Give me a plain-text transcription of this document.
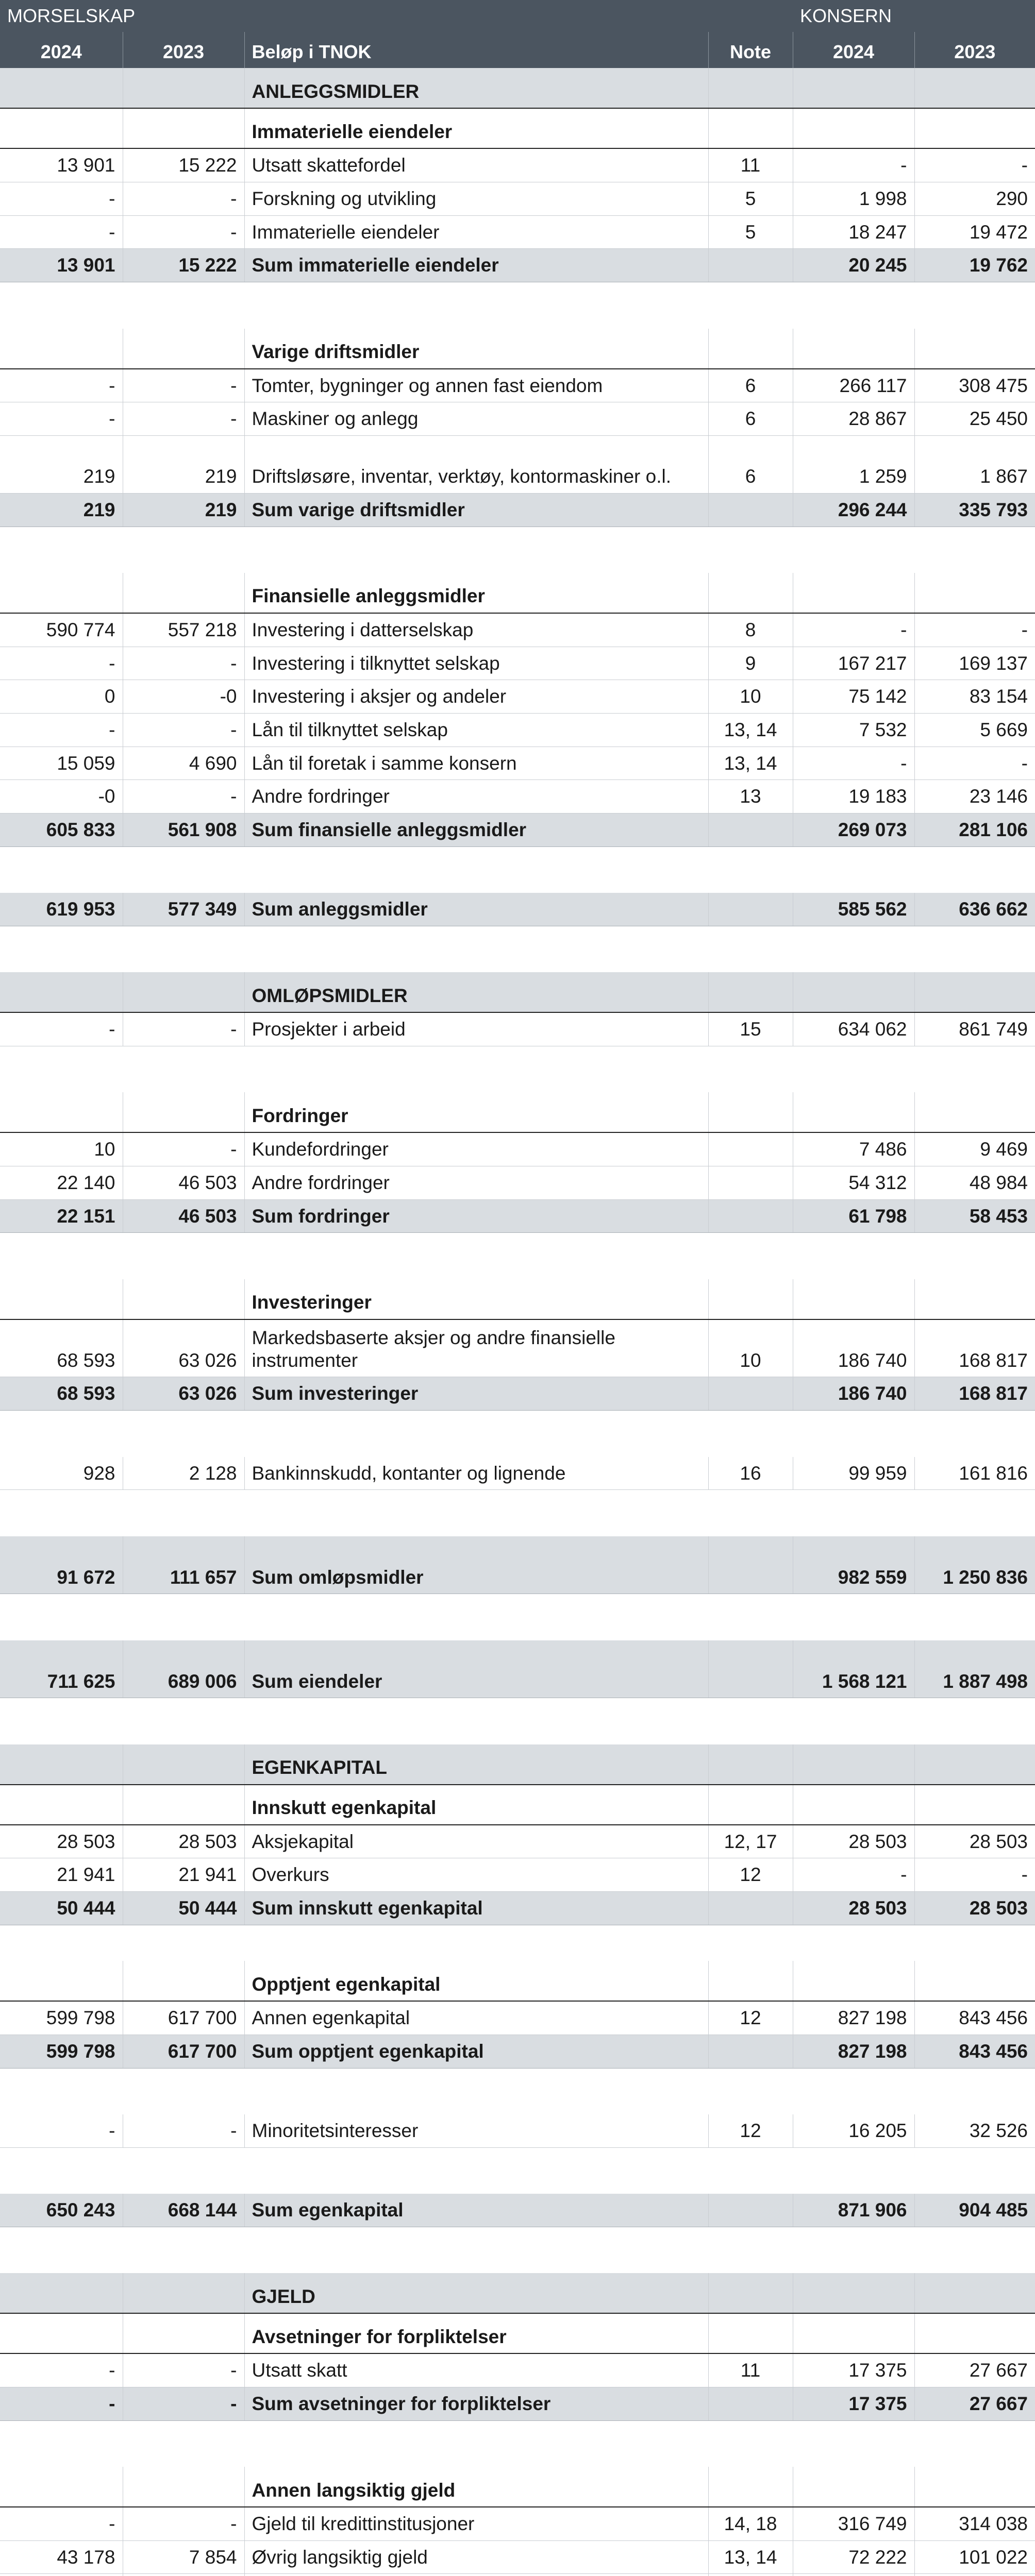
MORSELSKAP				KONSERN	
2024	2023	Beløp i TNOK	Note	2024	2023
		ANLEGGSMIDLER			
		Immaterielle eiendeler			
13 901	15 222	Utsatt skattefordel	11	-	-
-	-	Forskning og utvikling	5	1 998	290
-	-	Immaterielle eiendeler	5	18 247	19 472
13 901	15 222	Sum immaterielle eiendeler		20 245	19 762

		Varige driftsmidler			
-	-	Tomter, bygninger og annen fast eiendom	6	266 117	308 475
-	-	Maskiner og anlegg	6	28 867	25 450
219	219	Driftsløsøre, inventar, verktøy, kontormaskiner o.l.	6	1 259	1 867
219	219	Sum varige driftsmidler		296 244	335 793

		Finansielle anleggsmidler			
590 774	557 218	Investering i datterselskap	8	-	-
-	-	Investering i tilknyttet selskap	9	167 217	169 137
0	-0	Investering i aksjer og andeler	10	75 142	83 154
-	-	Lån til tilknyttet selskap	13, 14	7 532	5 669
15 059	4 690	Lån til foretak i samme konsern	13, 14	-	-
-0	-	Andre fordringer	13	19 183	23 146
605 833	561 908	Sum finansielle anleggsmidler		269 073	281 106

619 953	577 349	Sum anleggsmidler		585 562	636 662

		OMLØPSMIDLER			
-	-	Prosjekter i arbeid	15	634 062	861 749

		Fordringer			
10	-	Kundefordringer		7 486	9 469
22 140	46 503	Andre fordringer		54 312	48 984
22 151	46 503	Sum fordringer		61 798	58 453

		Investeringer			
68 593	63 026	Markedsbaserte aksjer og andre finansielle instrumenter	10	186 740	168 817
68 593	63 026	Sum investeringer		186 740	168 817

928	2 128	Bankinnskudd, kontanter og lignende	16	99 959	161 816

91 672	111 657	Sum omløpsmidler		982 559	1 250 836

711 625	689 006	Sum eiendeler		1 568 121	1 887 498

		EGENKAPITAL			
		Innskutt egenkapital			
28 503	28 503	Aksjekapital	12, 17	28 503	28 503
21 941	21 941	Overkurs	12	-	-
50 444	50 444	Sum innskutt egenkapital		28 503	28 503

		Opptjent egenkapital			
599 798	617 700	Annen egenkapital	12	827 198	843 456
599 798	617 700	Sum opptjent egenkapital		827 198	843 456

-	-	Minoritetsinteresser	12	16 205	32 526

650 243	668 144	Sum egenkapital		871 906	904 485

		GJELD			
		Avsetninger for forpliktelser			
-	-	Utsatt skatt	11	17 375	27 667
-	-	Sum avsetninger for forpliktelser		17 375	27 667

		Annen langsiktig gjeld			
-	-	Gjeld til kredittinstitusjoner	14, 18	316 749	314 038
43 178	7 854	Øvrig langsiktig gjeld	13, 14	72 222	101 022
